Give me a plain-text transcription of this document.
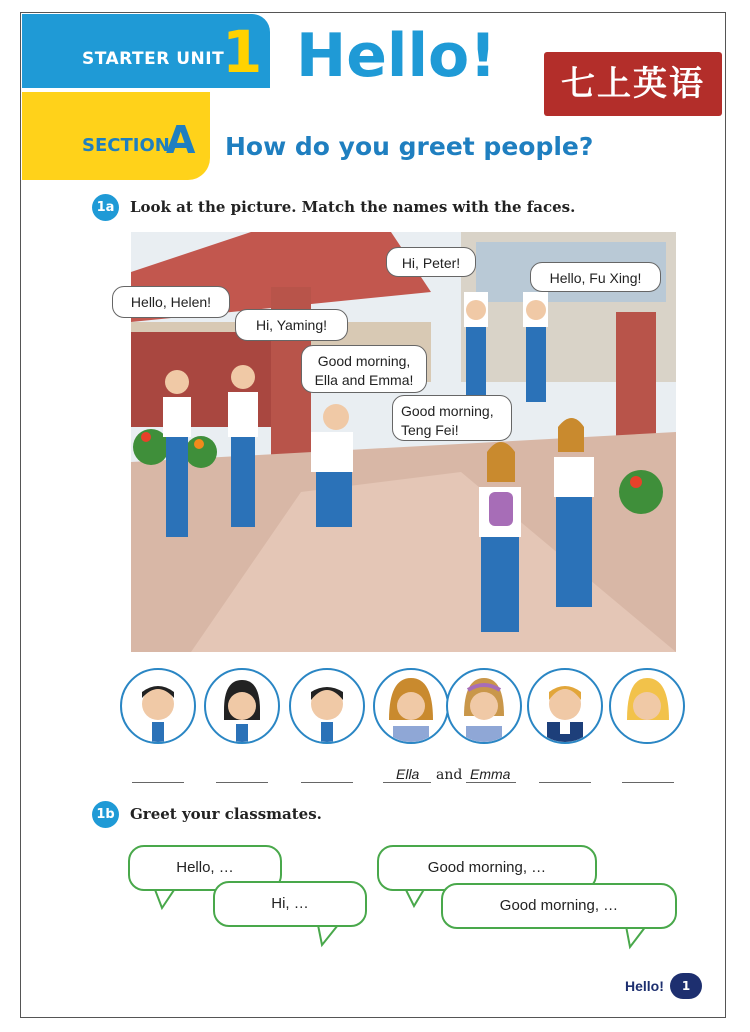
STARTER UNIT
1
SECTION
A
Hello!
How do you greet people?
七上英语
1a	Look at the picture. Match the names with the faces.
Hi, Peter!
Hello, Fu Xing!
Hello, Helen!
Hi, Yaming!
Good morning,
Ella and Emma!
Good morning,
Teng Fei!
Ella and Emma
1b Greet your classmates.
Hello, …
Hi, …
Good morning, …
Good morning, …
Hello!	1
